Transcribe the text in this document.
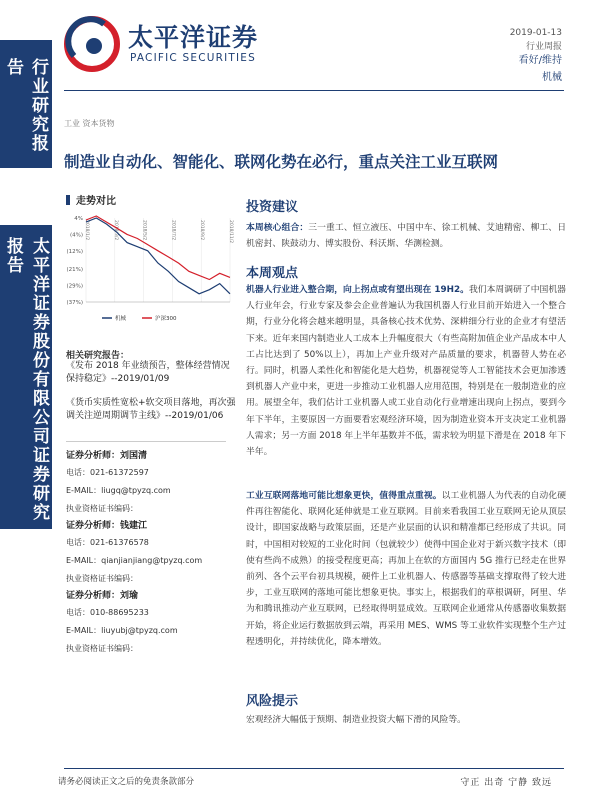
行业研究报告
太平洋证券股份有限公司证券研究报告
太平洋证券
PACIFIC SECURITIES
2019-01-13
行业周报
看好/维持
机械
工业 资本货物
制造业自动化、智能化、联网化势在必行，重点关注工业互联网
走势对比
4%
(4%)
(12%)
(21%)
(29%)
(37%)
2018/1/2	2018/3/2	2018/5/2	2018/7/2	2018/9/2	2018/11/2
机械	沪深300
相关研究报告：
《发布 2018 年业绩预告，整体经营情况保持稳定》--2019/01/09
《货币实质性宽松+软交项目落地，再次强调关注逆周期调节主线》--2019/01/06
证券分析师：刘国清
电话：021-61372597
E-MAIL：liugq@tpyzq.com
执业资格证书编码：
证券分析师：钱建江
电话：021-61376578
E-MAIL：qianjianjiang@tpyzq.com
执业资格证书编码：
证券分析师：刘瑜
电话：010-88695233
E-MAIL：liuyubj@tpyzq.com
执业资格证书编码：
投资建议
本周核心组合：三一重工、恒立液压、中国中车、徐工机械、艾迪精密、柳工、日机密封、陕鼓动力、博实股份、科沃斯、华测检测。
本周观点
机器人行业进入整合期，向上拐点或有望出现在 19H2。我们本周调研了中国机器人行业年会，行业专家及参会企业普遍认为我国机器人行业目前开始进入一个整合期，行业分化将会越来越明显，具备核心技术优势、深耕细分行业的企业才有望活下来。近年来国内制造业人工成本上升幅度很大（有些高附加值企业产品成本中人工占比达到了 50%以上），再加上产业升级对产品质量的要求，机器替人势在必行。同时，机器人柔性化和智能化是大趋势，机器视觉等人工智能技术会更加渗透到机器人产业中来，更进一步推动工业机器人应用范围，特别是在一般制造业的应用。展望全年，我们估计工业机器人或工业自动化行业增速出现向上拐点，要到今年下半年，主要原因一方面要看宏观经济环境，因为制造业资本开支决定工业机器人需求；另一方面 2018 年上半年基数并不低，需求较为明显下滑是在 2018 年下半年。
工业互联网落地可能比想象更快，值得重点重视。以工业机器人为代表的自动化硬件再往智能化、联网化延伸就是工业互联网。目前来看我国工业互联网无论从顶层设计，即国家战略与政策层面，还是产业层面的认识和精准都已经形成了共识。同时，中国相对较短的工业化时间（包就较少）使得中国企业对于新兴数字技术（即使有些尚不成熟）的接受程度更高；再加上在软的方面国内 5G 推行已经走在世界前列、各个云平台初具规模，硬件上工业机器人、传感器等基础支撑取得了较大进步，工业互联网的落地可能比想象更快。事实上，根据我们的草根调研，阿里、华为和腾讯推动产业互联网，已经取得明显成效。互联网企业通常从传感器收集数据开始，将企业运行数据放到云端，再采用 MES、WMS 等工业软件实现整个生产过程透明化，并持续优化，降本增效。
风险提示
宏观经济大幅低于预期、制造业投资大幅下滑的风险等。
请务必阅读正文之后的免责条款部分	守正 出奇 宁静 致远
